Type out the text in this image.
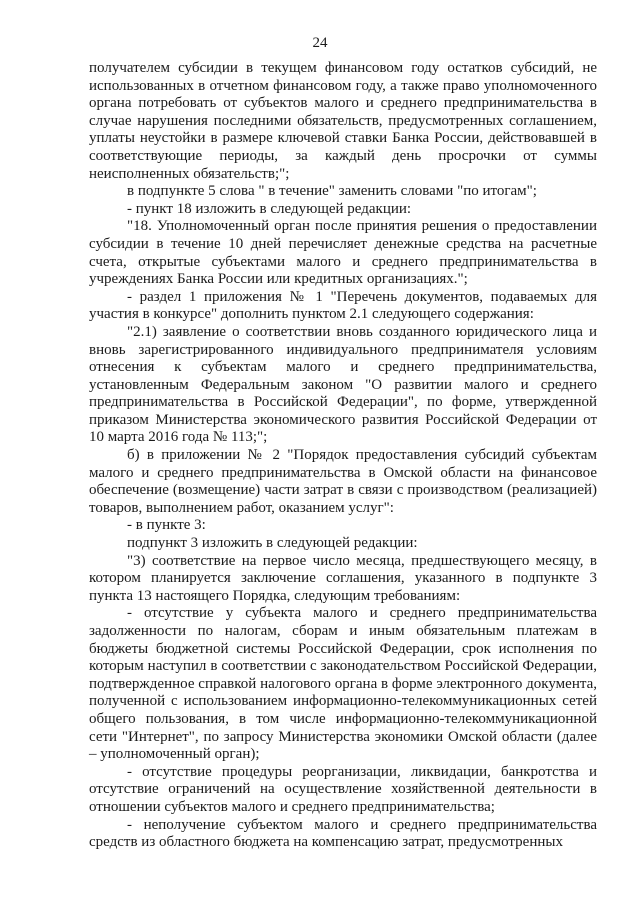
24

получателем субсидии в текущем финансовом году остатков субсидий, не использованных в отчетном финансовом году, а также право уполномоченного органа потребовать от субъектов малого и среднего предпринимательства в случае нарушения последними обязательств, предусмотренных соглашением, уплаты неустойки в размере ключевой ставки Банка России, действовавшей в соответствующие периоды, за каждый день просрочки от суммы неисполненных обязательств;";

в подпункте 5 слова " в течение" заменить словами "по итогам";

- пункт 18 изложить в следующей редакции:

"18. Уполномоченный орган после принятия решения о предоставлении субсидии в течение 10 дней перечисляет денежные средства на расчетные счета, открытые субъектами малого и среднего предпринимательства в учреждениях Банка России или кредитных организациях.";

- раздел 1 приложения № 1 "Перечень документов, подаваемых для участия в конкурсе" дополнить пунктом 2.1 следующего содержания:

"2.1) заявление о соответствии вновь созданного юридического лица и вновь зарегистрированного индивидуального предпринимателя условиям отнесения к субъектам малого и среднего предпринимательства, установленным Федеральным законом "О развитии малого и среднего предпринимательства в Российской Федерации", по форме, утвержденной приказом Министерства экономического развития Российской Федерации от 10 марта 2016 года № 113;";

б) в приложении № 2 "Порядок предоставления субсидий субъектам малого и среднего предпринимательства в Омской области на финансовое обеспечение (возмещение) части затрат в связи с производством (реализацией) товаров, выполнением работ, оказанием услуг":

- в пункте 3:

подпункт 3 изложить в следующей редакции:

"3) соответствие на первое число месяца, предшествующего месяцу, в котором планируется заключение соглашения, указанного в подпункте 3 пункта 13 настоящего Порядка, следующим требованиям:

- отсутствие у субъекта малого и среднего предпринимательства задолженности по налогам, сборам и иным обязательным платежам в бюджеты бюджетной системы Российской Федерации, срок исполнения по которым наступил в соответствии с законодательством Российской Федерации, подтвержденное справкой налогового органа в форме электронного документа, полученной с использованием информационно-телекоммуникационных сетей общего пользования, в том числе информационно-телекоммуникационной сети "Интернет", по запросу Министерства экономики Омской области (далее – уполномоченный орган);

- отсутствие процедуры реорганизации, ликвидации, банкротства и отсутствие ограничений на осуществление хозяйственной деятельности в отношении субъектов малого и среднего предпринимательства;

- неполучение субъектом малого и среднего предпринимательства средств из областного бюджета на компенсацию затрат, предусмотренных
